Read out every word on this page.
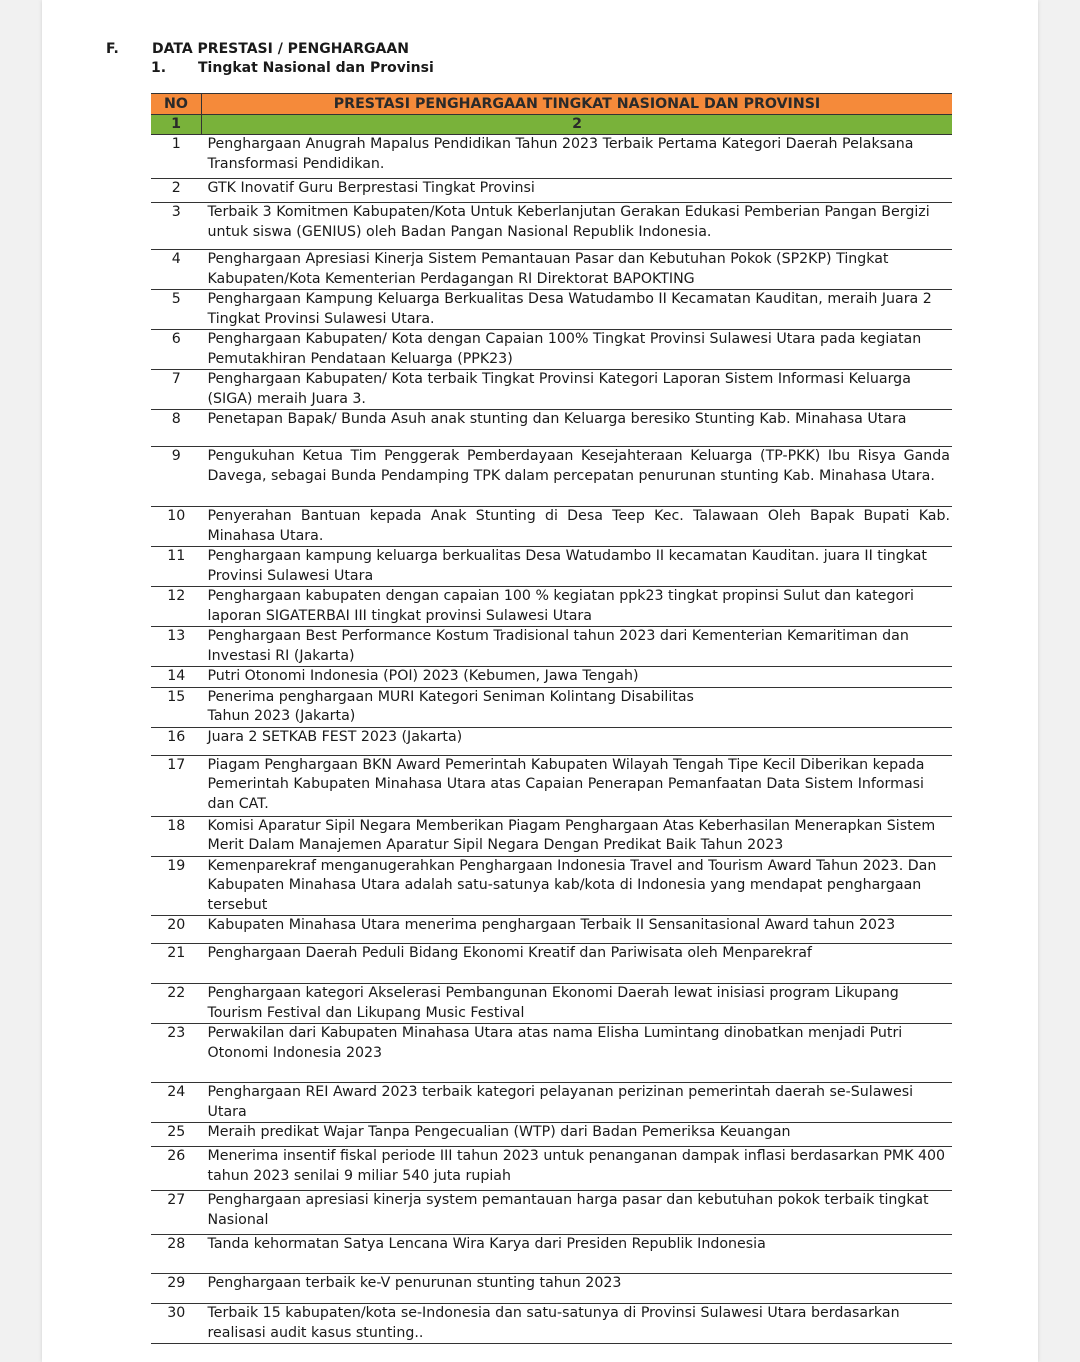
F. DATA PRESTASI / PENGHARGAAN
1. Tingkat Nasional dan Provinsi
NO	PRESTASI PENGHARGAAN TINGKAT NASIONAL DAN PROVINSI
1	2
1	Penghargaan Anugrah Mapalus Pendidikan Tahun 2023 Terbaik Pertama Kategori Daerah Pelaksana Transformasi Pendidikan.
2	GTK Inovatif Guru Berprestasi Tingkat Provinsi
3	Terbaik 3 Komitmen Kabupaten/Kota Untuk Keberlanjutan Gerakan Edukasi Pemberian Pangan Bergizi untuk siswa (GENIUS) oleh Badan Pangan Nasional Republik Indonesia.
4	Penghargaan Apresiasi Kinerja Sistem Pemantauan Pasar dan Kebutuhan Pokok (SP2KP) Tingkat Kabupaten/Kota Kementerian Perdagangan RI Direktorat BAPOKTING
5	Penghargaan Kampung Keluarga Berkualitas Desa Watudambo II Kecamatan Kauditan, meraih Juara 2 Tingkat Provinsi Sulawesi Utara.
6	Penghargaan Kabupaten/ Kota dengan Capaian 100% Tingkat Provinsi Sulawesi Utara pada kegiatan Pemutakhiran Pendataan Keluarga (PPK23)
7	Penghargaan Kabupaten/ Kota terbaik Tingkat Provinsi Kategori Laporan Sistem Informasi Keluarga (SIGA) meraih Juara 3.
8	Penetapan Bapak/ Bunda Asuh anak stunting dan Keluarga beresiko Stunting Kab. Minahasa Utara
9	Pengukuhan Ketua Tim Penggerak Pemberdayaan Kesejahteraan Keluarga (TP-PKK) Ibu Risya Ganda Davega, sebagai Bunda Pendamping TPK dalam percepatan penurunan stunting Kab. Minahasa Utara.
10	Penyerahan Bantuan kepada Anak Stunting di Desa Teep Kec. Talawaan Oleh Bapak Bupati Kab. Minahasa Utara.
11	Penghargaan kampung keluarga berkualitas Desa Watudambo II kecamatan Kauditan. juara II tingkat Provinsi Sulawesi Utara
12	Penghargaan kabupaten dengan capaian 100 % kegiatan ppk23 tingkat propinsi Sulut dan kategori laporan SIGATERBAI III tingkat provinsi Sulawesi Utara
13	Penghargaan Best Performance Kostum Tradisional tahun 2023 dari Kementerian Kemaritiman dan Investasi RI (Jakarta)
14	Putri Otonomi Indonesia (POI) 2023 (Kebumen, Jawa Tengah)
15	Penerima penghargaan MURI Kategori Seniman Kolintang Disabilitas
Tahun 2023 (Jakarta)
16	Juara 2 SETKAB FEST 2023 (Jakarta)
17	Piagam Penghargaan BKN Award Pemerintah Kabupaten Wilayah Tengah Tipe Kecil Diberikan kepada Pemerintah Kabupaten Minahasa Utara atas Capaian Penerapan Pemanfaatan Data Sistem Informasi dan CAT.
18	Komisi Aparatur Sipil Negara Memberikan Piagam Penghargaan Atas Keberhasilan Menerapkan Sistem Merit Dalam Manajemen Aparatur Sipil Negara Dengan Predikat Baik Tahun 2023
19	Kemenparekraf menganugerahkan Penghargaan Indonesia Travel and Tourism Award Tahun 2023. Dan Kabupaten Minahasa Utara adalah satu-satunya kab/kota di Indonesia yang mendapat penghargaan tersebut
20	Kabupaten Minahasa Utara menerima penghargaan Terbaik II Sensanitasional Award tahun 2023
21	Penghargaan Daerah Peduli Bidang Ekonomi Kreatif dan Pariwisata oleh Menparekraf
22	Penghargaan kategori Akselerasi Pembangunan Ekonomi Daerah lewat inisiasi program Likupang Tourism Festival dan Likupang Music Festival
23	Perwakilan dari Kabupaten Minahasa Utara atas nama Elisha Lumintang dinobatkan menjadi Putri Otonomi Indonesia 2023
24	Penghargaan REI Award 2023 terbaik kategori pelayanan perizinan pemerintah daerah se-Sulawesi Utara
25	Meraih predikat Wajar Tanpa Pengecualian (WTP) dari Badan Pemeriksa Keuangan
26	Menerima insentif fiskal periode III tahun 2023 untuk penanganan dampak inflasi berdasarkan PMK 400 tahun 2023 senilai 9 miliar 540 juta rupiah
27	Penghargaan apresiasi kinerja system pemantauan harga pasar dan kebutuhan pokok terbaik tingkat Nasional
28	Tanda kehormatan Satya Lencana Wira Karya dari Presiden Republik Indonesia
29	Penghargaan terbaik ke-V penurunan stunting tahun 2023
30	Terbaik 15 kabupaten/kota se-Indonesia dan satu-satunya di Provinsi Sulawesi Utara berdasarkan realisasi audit kasus stunting..
